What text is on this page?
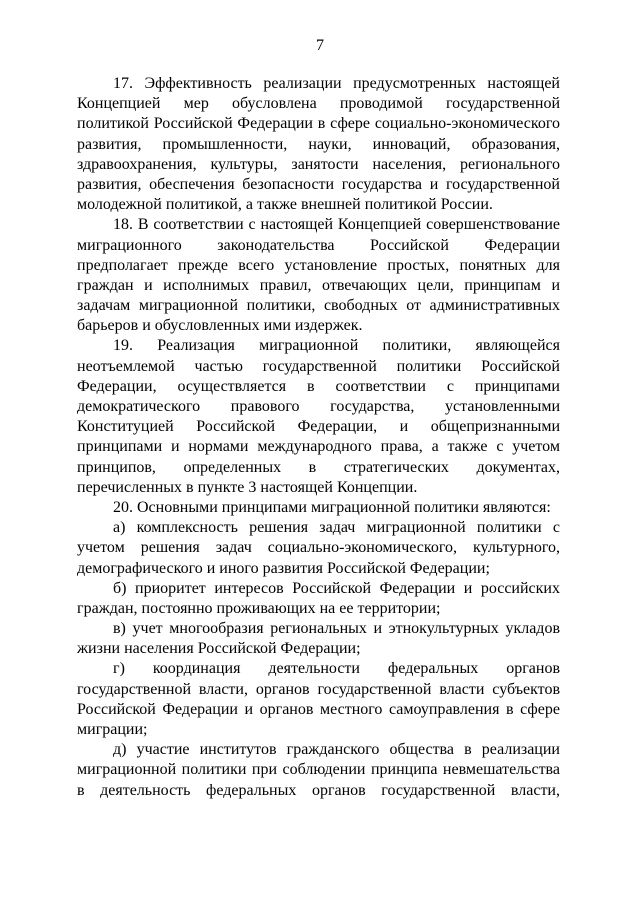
7
17. Эффективность реализации предусмотренных настоящей
Концепцией мер обусловлена проводимой государственной
политикой Российской Федерации в сфере социально-экономического
развития, промышленности, науки, инноваций, образования,
здравоохранения, культуры, занятости населения, регионального
развития, обеспечения безопасности государства и государственной
молодежной политикой, а также внешней политикой России.
18. В соответствии с настоящей Концепцией совершенствование
миграционного законодательства Российской Федерации
предполагает прежде всего установление простых, понятных для
граждан и исполнимых правил, отвечающих цели, принципам и
задачам миграционной политики, свободных от административных
барьеров и обусловленных ими издержек.
19. Реализация миграционной политики, являющейся
неотъемлемой частью государственной политики Российской
Федерации, осуществляется в соответствии с принципами
демократического правового государства, установленными
Конституцией Российской Федерации, и общепризнанными
принципами и нормами международного права, а также с учетом
принципов, определенных в стратегических документах,
перечисленных в пункте 3 настоящей Концепции.
20. Основными принципами миграционной политики являются:
а) комплексность решения задач миграционной политики с
учетом решения задач социально-экономического, культурного,
демографического и иного развития Российской Федерации;
б) приоритет интересов Российской Федерации и российских
граждан, постоянно проживающих на ее территории;
в) учет многообразия региональных и этнокультурных укладов
жизни населения Российской Федерации;
г) координация деятельности федеральных органов
государственной власти, органов государственной власти субъектов
Российской Федерации и органов местного самоуправления в сфере
миграции;
д) участие институтов гражданского общества в реализации
миграционной политики при соблюдении принципа невмешательства
в деятельность федеральных органов государственной власти,
